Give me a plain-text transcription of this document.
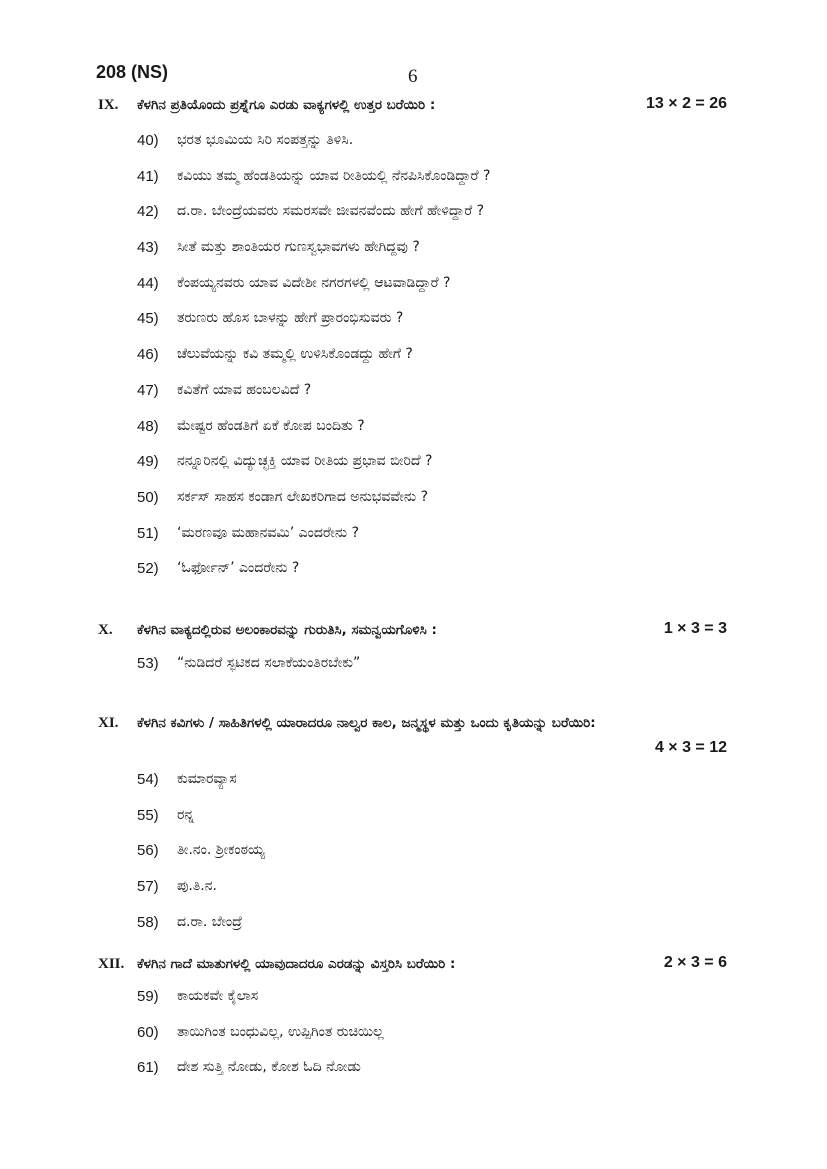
208 (NS)	6
IX. ಕೆಳಗಿನ ಪ್ರತಿಯೊಂದು ಪ್ರಶ್ನೆಗೂ ಎರಡು ವಾಕ್ಯಗಳಲ್ಲಿ ಉತ್ತರ ಬರೆಯಿರಿ :	13 × 2 = 26
40)	ಭರತ ಭೂಮಿಯ ಸಿರಿ ಸಂಪತ್ತನ್ನು ತಿಳಿಸಿ.
41)	ಕವಿಯು ತಮ್ಮ ಹೆಂಡತಿಯನ್ನು ಯಾವ ರೀತಿಯಲ್ಲಿ ನೆನಪಿಸಿಕೊಂಡಿದ್ದಾರೆ ?
42)	ದ.ರಾ. ಬೇಂದ್ರೆಯವರು ಸಮರಸವೇ ಜೀವನವೆಂದು ಹೇಗೆ ಹೇಳಿದ್ದಾರೆ ?
43)	ಸೀತೆ ಮತ್ತು ಶಾಂತಿಯರ ಗುಣಸ್ವಭಾವಗಳು ಹೇಗಿದ್ದವು ?
44)	ಕೆಂಪಯ್ಯನವರು ಯಾವ ವಿದೇಶೀ ನಗರಗಳಲ್ಲಿ ಆಟವಾಡಿದ್ದಾರೆ ?
45)	ತರುಣರು ಹೊಸ ಬಾಳನ್ನು ಹೇಗೆ ಪ್ರಾರಂಭಿಸುವರು ?
46)	ಚೆಲುವೆಯನ್ನು ಕವಿ ತಮ್ಮಲ್ಲಿ ಉಳಿಸಿಕೊಂಡದ್ದು ಹೇಗೆ ?
47)	ಕವಿತೆಗೆ ಯಾವ ಹಂಬಲವಿದೆ ?
48)	ಮೇಷ್ಟರ ಹೆಂಡತಿಗೆ ಏಕೆ ಕೋಪ ಬಂದಿತು ?
49)	ನನ್ನೂರಿನಲ್ಲಿ ವಿದ್ಯುಚ್ಛಕ್ತಿ ಯಾವ ರೀತಿಯ ಪ್ರಭಾವ ಬೀರಿದೆ ?
50)	ಸರ್ಕಸ್ ಸಾಹಸ ಕಂಡಾಗ ಲೇಖಕರಿಗಾದ ಅನುಭವವೇನು ?
51)	‘ಮರಣವೂ ಮಹಾನವಮಿ’ ಎಂದರೇನು ?
52)	‘ಓರ್ಫೋನ್’ ಎಂದರೇನು ?
X. ಕೆಳಗಿನ ವಾಕ್ಯದಲ್ಲಿರುವ ಅಲಂಕಾರವನ್ನು ಗುರುತಿಸಿ, ಸಮನ್ವಯಗೊಳಿಸಿ :	1 × 3 = 3
53)	“ನುಡಿದರೆ ಸ್ಫಟಿಕದ ಸಲಾಕೆಯಂತಿರಬೇಕು”
XI. ಕೆಳಗಿನ ಕವಿಗಳು / ಸಾಹಿತಿಗಳಲ್ಲಿ ಯಾರಾದರೂ ನಾಲ್ವರ ಕಾಲ, ಜನ್ಮಸ್ಥಳ ಮತ್ತು ಒಂದು ಕೃತಿಯನ್ನು ಬರೆಯಿರಿ:
4 × 3 = 12
54)	ಕುಮಾರವ್ಯಾಸ
55)	ರನ್ನ
56)	ತೀ.ನಂ. ಶ್ರೀಕಂಠಯ್ಯ
57)	ಪು.ತಿ.ನ.
58)	ದ.ರಾ. ಬೇಂದ್ರೆ
XII. ಕೆಳಗಿನ ಗಾದೆ ಮಾತುಗಳಲ್ಲಿ ಯಾವುದಾದರೂ ಎರಡನ್ನು ವಿಸ್ತರಿಸಿ ಬರೆಯಿರಿ :	2 × 3 = 6
59)	ಕಾಯಕವೇ ಕೈಲಾಸ
60)	ತಾಯಿಗಿಂತ ಬಂಧುವಿಲ್ಲ, ಉಪ್ಪಿಗಿಂತ ರುಚಿಯಿಲ್ಲ
61)	ದೇಶ ಸುತ್ತಿ ನೋಡು, ಕೋಶ ಓದಿ ನೋಡು
